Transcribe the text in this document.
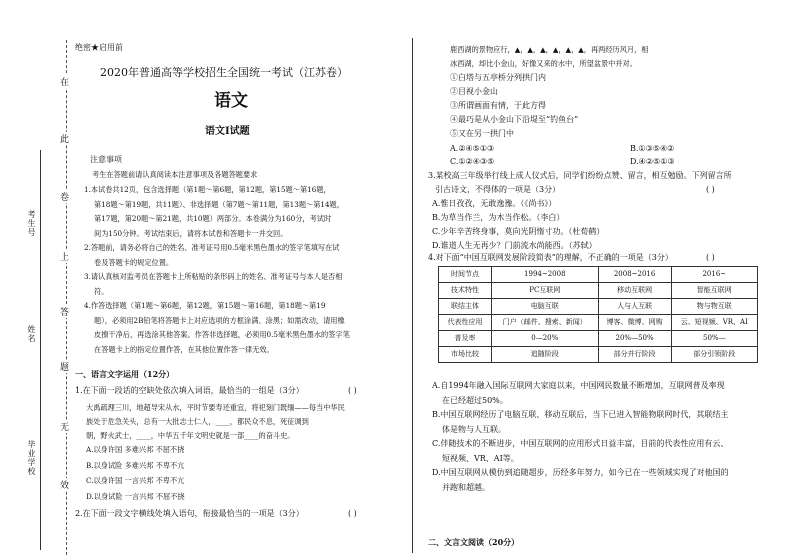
在
此
卷
上
答
题
无
效
考生号
姓名
毕业学校
绝密★启用前
2020年普通高等学校招生全国统一考试（江苏卷）
语文
语文Ⅰ试题
注意事项
考生在答题前请认真阅读本注意事项及各题答题要求
1.本试卷共12页，包含选择题（第1题～第6题，第12题，第15题～第16题，
第18题～第19题，共11题）、非选择题（第7题～第11题，第13题～第14题，
第17题，第20题～第21题，共10题）两部分。本卷满分为160分，考试时
间为150分钟。考试结束后，请将本试卷和答题卡一并交回。
2.答题前，请务必将自己的姓名、准考证号用0.5毫米黑色墨水的签字笔填写在试
卷及答题卡的规定位置。
3.请认真核对监考员在答题卡上所粘贴的条形码上的姓名、准考证号与本人是否相
符。
4.作答选择题（第1题～第6题，第12题，第15题～第16题，第18题～第19
题），必须用2B铅笔将答题卡上对应选项的方框涂满、涂黑；如需改动，请用橡
皮擦干净后，再选涂其他答案。作答非选择题，必须用0.5毫米黑色墨水的签字笔
在答题卡上的指定位置作答，在其他位置作答一律无效。
一、语言文字运用（12分）
1.在下面一段话的空缺处依次填入词语，最恰当的一组是（3分）	( )
大禹疏理三川，地超导宋从水，平时节要寿还重宜，将祀刻门既缅——每当中华民
族处于危急关头，总有一大批志士仁人，____，都民众不息，死征调到
朝，野火武士，____，中华五千年文明史就是一部____的奋斗史。
A.以身许国 多难兴邦 不屈不挠
B.以身试险 多难兴邦 不卑不亢
C.以身许国 一言兴邦 不卑不亢
D.以身试险 一言兴邦 不屈不挠
2.在下面一段文字横线处填入语句，衔接最恰当的一项是（3分）	( )
鹿西湖的景物应行，▲，▲，▲，▲，▲，▲，再两经历风月，相
冰西湖，却比小金山，好像又来的水中，所望盆景中并对。
①白塔与五亭桥分列拱门内
②目视小金山
③所谓画面有情，于此方得
④最巧是从小金山下沿堤至“钓鱼台”
⑤又在另一拱门中
A.②④⑤①③	B.①③⑤④②
C.①②④③⑤	D.④②⑤①③
3.某校高三年级举行线上成人仪式后，同学们纷纷点赞、留言，相互勉励。下列留言所
引古诗文，不得体的一项是（3分）	( )
A.惟日孜孜，无敢逸豫。（《尚书》）
B.为草当作兰，为木当作松。（李白）
C.少年辛苦终身事，莫向光阴惰寸功。（杜荀鹤）
D.谁道人生无再少？门前流水尚能西。（苏轼）
4.对下面“中国互联网发展阶段简表”的理解，不正确的一项是（3分）	( )
时间节点	1994~2008	2008~2016	2016~
技术特性	PC互联网	移动互联网	智能互联网
联结主体	电脑互联	人与人互联	物与物互联
代表性应用	门户（邮件、搜索、新闻）	博客、微博、网购	云、短视频、VR、AI
普及率	0—20%	20%—50%	50%—
市场比较	追随阶段	部分并行阶段	部分引领阶段
A.自1994年融入国际互联网大家庭以来，中国网民数量不断增加，互联网普及率现
在已经超过50%。
B.中国互联网经历了电脑互联、移动互联后，当下已进入智能物联网时代，其联结主
体是物与人互联。
C.伴随技术的不断进步，中国互联网的应用形式日益丰富，目前的代表性应用有云、
短视频、VR、AI等。
D.中国互联网从模仿到追随超步，历经多年努力，如今已在一些领域实现了对他国的
并跑和超越。
二、文言文阅读（20分）
